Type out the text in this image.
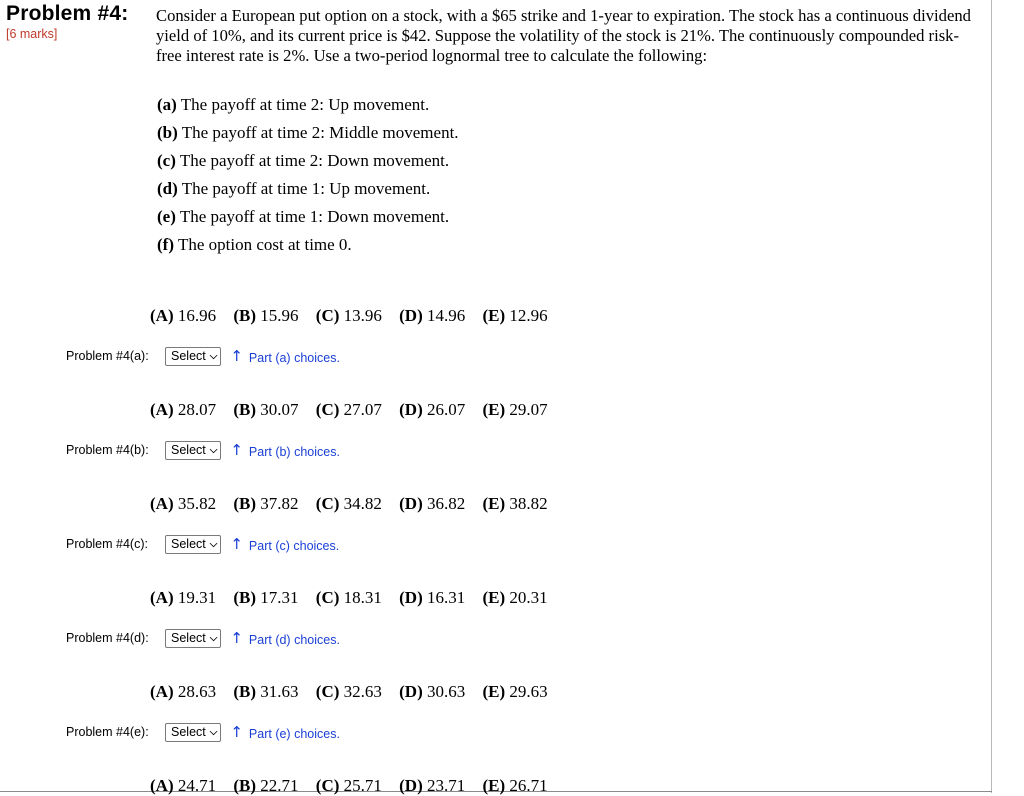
Problem #4:
[6 marks]

Consider a European put option on a stock, with a $65 strike and 1-year to expiration. The stock has a continuous dividend yield of 10%, and its current price is $42. Suppose the volatility of the stock is 21%. The continuously compounded risk-free interest rate is 2%. Use a two-period lognormal tree to calculate the following:

(a) The payoff at time 2: Up movement.
(b) The payoff at time 2: Middle movement.
(c) The payoff at time 2: Down movement.
(d) The payoff at time 1: Up movement.
(e) The payoff at time 1: Down movement.
(f) The option cost at time 0.
(A) 16.96 (B) 15.96 (C) 13.96 (D) 14.96 (E) 12.96
Problem #4(a):	Select ⌵ ↑ Part (a) choices.
(A) 28.07 (B) 30.07 (C) 27.07 (D) 26.07 (E) 29.07
Problem #4(b):	Select ⌵ ↑ Part (b) choices.
(A) 35.82 (B) 37.82 (C) 34.82 (D) 36.82 (E) 38.82
Problem #4(c):	Select ⌵ ↑ Part (c) choices.
(A) 19.31 (B) 17.31 (C) 18.31 (D) 16.31 (E) 20.31
Problem #4(d):	Select ⌵ ↑ Part (d) choices.
(A) 28.63 (B) 31.63 (C) 32.63 (D) 30.63 (E) 29.63
Problem #4(e):	Select ⌵ ↑ Part (e) choices.
(A) 24.71 (B) 22.71 (C) 25.71 (D) 23.71 (E) 26.71
